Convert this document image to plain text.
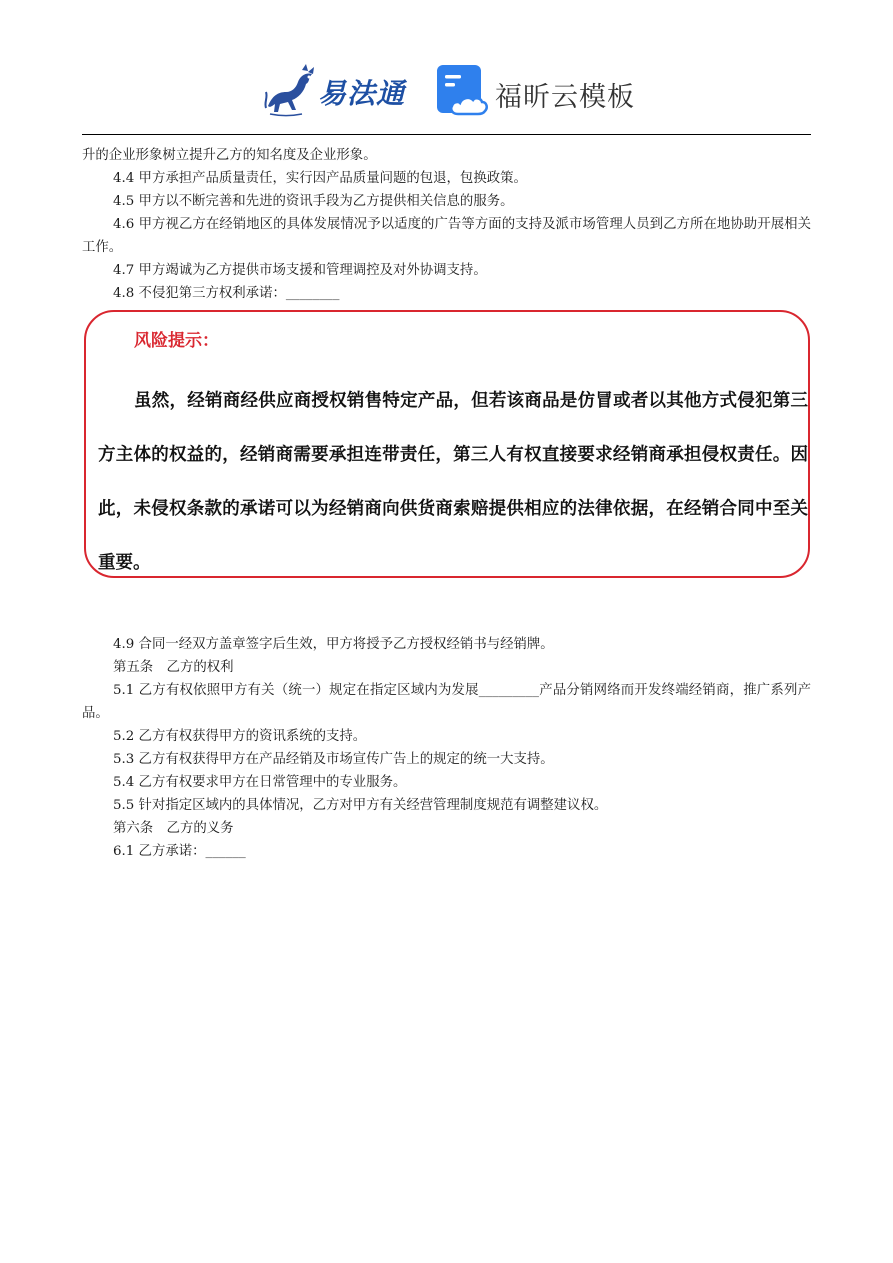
易法通	福昕云模板

升的企业形象树立提升乙方的知名度及企业形象。

4.4 甲方承担产品质量责任，实行因产品质量问题的包退，包换政策。

4.5 甲方以不断完善和先进的资讯手段为乙方提供相关信息的服务。

4.6 甲方视乙方在经销地区的具体发展情况予以适度的广告等方面的支持及派市场管理人员到乙方所在地协助开展相关工作。

4.7 甲方竭诚为乙方提供市场支援和管理调控及对外协调支持。

4.8 不侵犯第三方权利承诺：________

风险提示：

虽然，经销商经供应商授权销售特定产品，但若该商品是仿冒或者以其他方式侵犯第三方主体的权益的，经销商需要承担连带责任，第三人有权直接要求经销商承担侵权责任。因此，未侵权条款的承诺可以为经销商向供货商索赔提供相应的法律依据，在经销合同中至关重要。

4.9 合同一经双方盖章签字后生效，甲方将授予乙方授权经销书与经销牌。

第五条　乙方的权利

5.1 乙方有权依照甲方有关（统一）规定在指定区域内为发展_________产品分销网络而开发终端经销商，推广系列产品。

5.2 乙方有权获得甲方的资讯系统的支持。

5.3 乙方有权获得甲方在产品经销及市场宣传广告上的规定的统一大支持。

5.4 乙方有权要求甲方在日常管理中的专业服务。

5.5 针对指定区域内的具体情况，乙方对甲方有关经营管理制度规范有调整建议权。

第六条　乙方的义务

6.1 乙方承诺：______
